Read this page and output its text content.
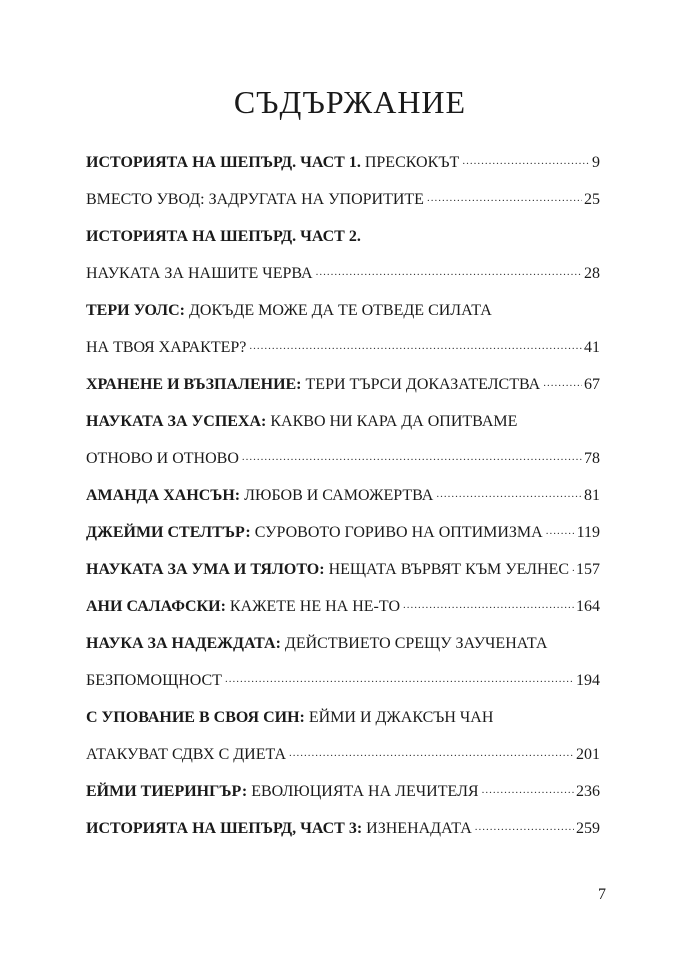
СЪДЪРЖАНИЕ
ИСТОРИЯТА НА ШЕПЪРД. ЧАСТ 1. ПРЕСКОКЪТ .....	9
ВМЕСТО УВОД: ЗАДРУГАТА НА УПОРИТИТЕ .....	25
ИСТОРИЯТА НА ШЕПЪРД. ЧАСТ 2.
НАУКАТА ЗА НАШИТЕ ЧЕРВА .....	28
ТЕРИ УОЛС: ДОКЪДЕ МОЖЕ ДА ТЕ ОТВЕДЕ СИЛАТА
НА ТВОЯ ХАРАКТЕР? .....	41
ХРАНЕНЕ И ВЪЗПАЛЕНИЕ: ТЕРИ ТЪРСИ ДОКАЗАТЕЛСТВА .....	67
НАУКАТА ЗА УСПЕХА: КАКВО НИ КАРА ДА ОПИТВАМЕ
ОТНОВО И ОТНОВО .....	78
АМАНДА ХАНСЪН: ЛЮБОВ И САМОЖЕРТВА .....	81
ДЖЕЙМИ СТЕЛТЪР: СУРОВОТО ГОРИВО НА ОПТИМИЗМА ..... 119
НАУКАТА ЗА УМА И ТЯЛОТО: НЕЩАТА ВЪРВЯТ КЪМ УЕЛНЕС ..... 157
АНИ САЛАФСКИ: КАЖЕТЕ НЕ НА НЕ-ТО .....	164
НАУКА ЗА НАДЕЖДАТА: ДЕЙСТВИЕТО СРЕЩУ ЗАУЧЕНАТА
БЕЗПОМОЩНОСТ .....	194
С УПОВАНИЕ В СВОЯ СИН: ЕЙМИ И ДЖАКСЪН ЧАН
АТАКУВАТ СДВХ С ДИЕТА .....	201
ЕЙМИ ТИЕРИНГЪР: ЕВОЛЮЦИЯТА НА ЛЕЧИТЕЛЯ .....	236
ИСТОРИЯТА НА ШЕПЪРД, ЧАСТ 3: ИЗНЕНАДАТА .....	259
7
